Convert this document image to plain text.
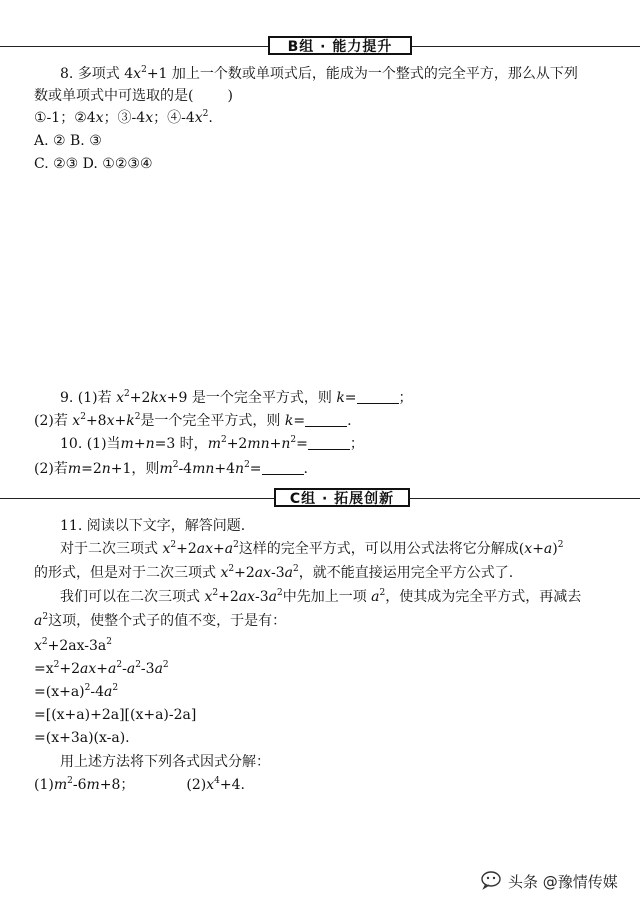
B组 · 能力提升
8. 多项式 $4x^2+1$ 加上一个数或单项式后，能成为一个整式的完全平方，那么从下列
数或单项式中可选取的是( )
①-1；②4x；③-4x；$④-4x^2$.
A. ② B. ③
C. ②③ D. ①②③④
9. (1)若 $x^2+2kx+9$ 是一个完全平方式，则 k=	；
(2)若 $x^2+8x+k^2$是一个完全平方式，则 k=	.
10. (1)当m+n=3 时，$m^2+2mn+n^2=$	；
(2)若m=2n+1，则$m^2-4mn+4n^2=$	.
C组 · 拓展创新
11. 阅读以下文字，解答问题.
对于二次三项式 $x^2+2ax+a^2$这样的完全平方式，可以用公式法将它分解成$(x+a)^2$
的形式，但是对于二次三项式 $x^2+2ax-3a^2$，就不能直接运用完全平方公式了.
我们可以在二次三项式 $x^2+2ax-3a^2$中先加上一项 $a^2$，使其成为完全平方式，再减去
$a^2$这项，使整个式子的值不变，于是有：
$x^2+2ax-3a^2$
$=x^2+2ax+a^2-a^2-3a^2$
$=(x+a)^2-4a^2$
=[(x+a)+2a][(x+a)-2a]
=(x+3a)(x-a).
用上述方法将下列各式因式分解：
$(1)m^2-6m+8$；	$(2)x^4+4$.
头条 @豫情传媒
